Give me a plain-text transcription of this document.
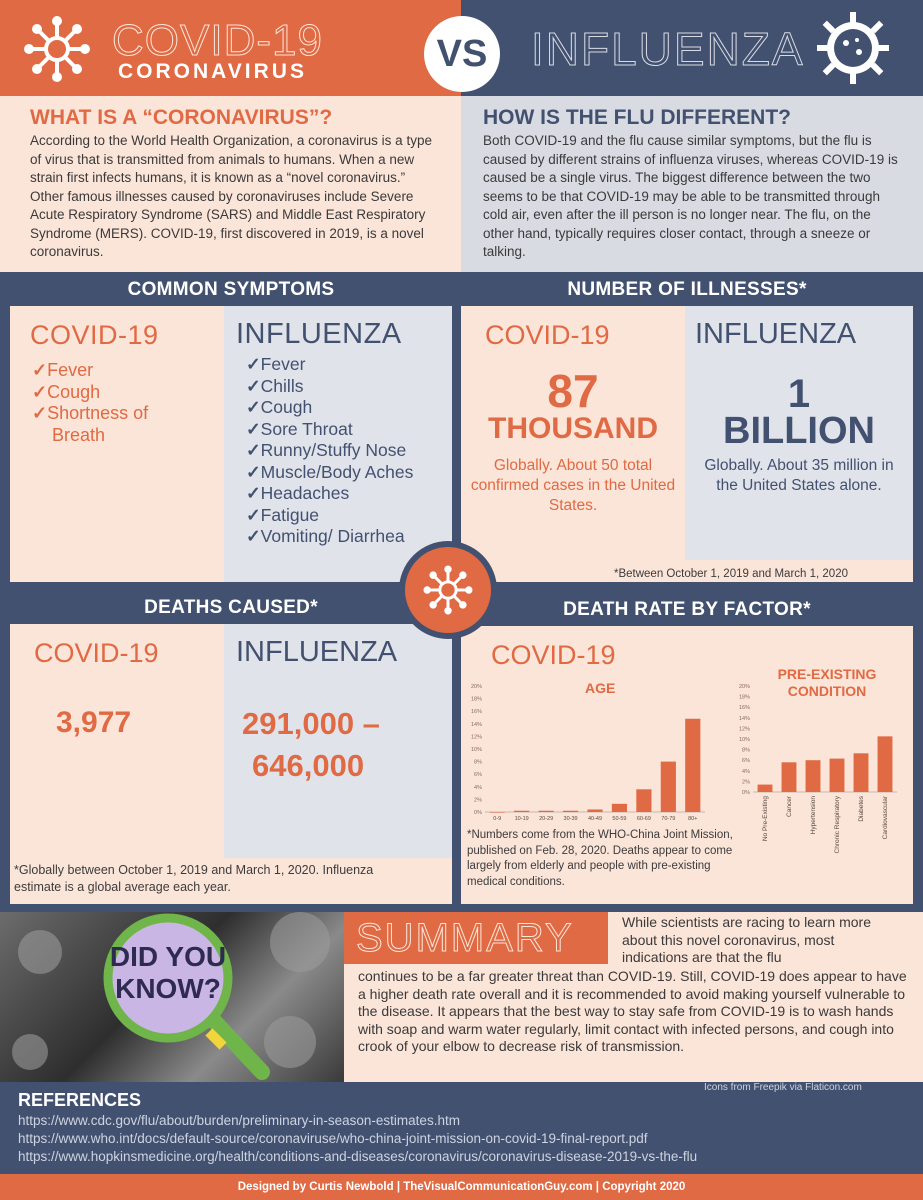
COVID-19
CORONAVIRUS	INFLUENZA
VS
WHAT IS A “CORONAVIRUS”?

According to the World Health Organization, a coronavirus is a type of virus that is transmitted from animals to humans. When a new strain first infects humans, it is known as a “novel coronavirus.” Other famous illnesses caused by coronaviruses include Severe Acute Respiratory Syndrome (SARS) and Middle East Respiratory Syndrome (MERS). COVID-19, first discovered in 2019, is a novel coronavirus.

HOW IS THE FLU DIFFERENT?

Both COVID-19 and the flu cause similar symptoms, but the flu is caused by different strains of influenza viruses, whereas COVID-19 is caused be a single virus. The biggest difference between the two seems to be that COVID-19 may be able to be transmitted through cold air, even after the ill person is no longer near. The flu, on the other hand, typically requires closer contact, through a sneeze or talking.

COMMON SYMPTOMS
COVID-19
✓ Fever
✓ Cough
✓ Shortness of Breath
INFLUENZA
✓ Fever
✓ Chills
✓ Cough
✓ Sore Throat
✓ Runny/Stuffy Nose
✓ Muscle/Body Aches
✓ Headaches
✓ Fatigue
✓ Vomiting/ Diarrhea
NUMBER OF ILLNESSES*
COVID-19
87
THOUSAND

Globally. About 50 total confirmed cases in the United States.

INFLUENZA
1
BILLION

Globally. About 35 million in the United States alone.

*Between October 1, 2019 and March 1, 2020
DEATHS CAUSED*
COVID-19
3,977
INFLUENZA
291,000 –
646,000

*Globally between October 1, 2019 and March 1, 2020. Influenza estimate is a global average each year.

DEATH RATE BY FACTOR*
COVID-19
AGE
PRE-EXISTING CONDITION
0%
2%
4%
6%
8%
10%
12%
14%
16%
18%
20%
0-9 10-19 20-29 30-39 40-49 50-59 60-69 70-79 80+
0%
2%
4%
6%
8%
10%
12%
14%
16%
18%
20%
No Pre-Existing	Cancer	Hypertension	Chronic Respiratory	Diabetes	Cardiovascular

*Numbers come from the WHO-China Joint Mission, published on Feb. 28, 2020. Deaths appear to come largely from elderly and people with pre-existing medical conditions.

DID YOU
KNOW?
SUMMARY	While scientists are racing to learn more about this novel coronavirus, most indications are that the flu

continues to be a far greater threat than COVID-19. Still, COVID-19 does appear to have a higher death rate overall and it is recommended to avoid making yourself vulnerable to the disease. It appears that the best way to stay safe from COVID-19 is to wash hands with soap and warm water regularly, limit contact with infected persons, and cough into crook of your elbow to decrease risk of transmission.

Icons from Freepik via Flaticon.com
REFERENCES
https://www.cdc.gov/flu/about/burden/preliminary-in-season-estimates.htm
https://www.who.int/docs/default-source/coronaviruse/who-china-joint-mission-on-covid-19-final-report.pdf
https://www.hopkinsmedicine.org/health/conditions-and-diseases/coronavirus/coronavirus-disease-2019-vs-the-flu
Designed by Curtis Newbold | TheVisualCommunicationGuy.com | Copyright 2020
